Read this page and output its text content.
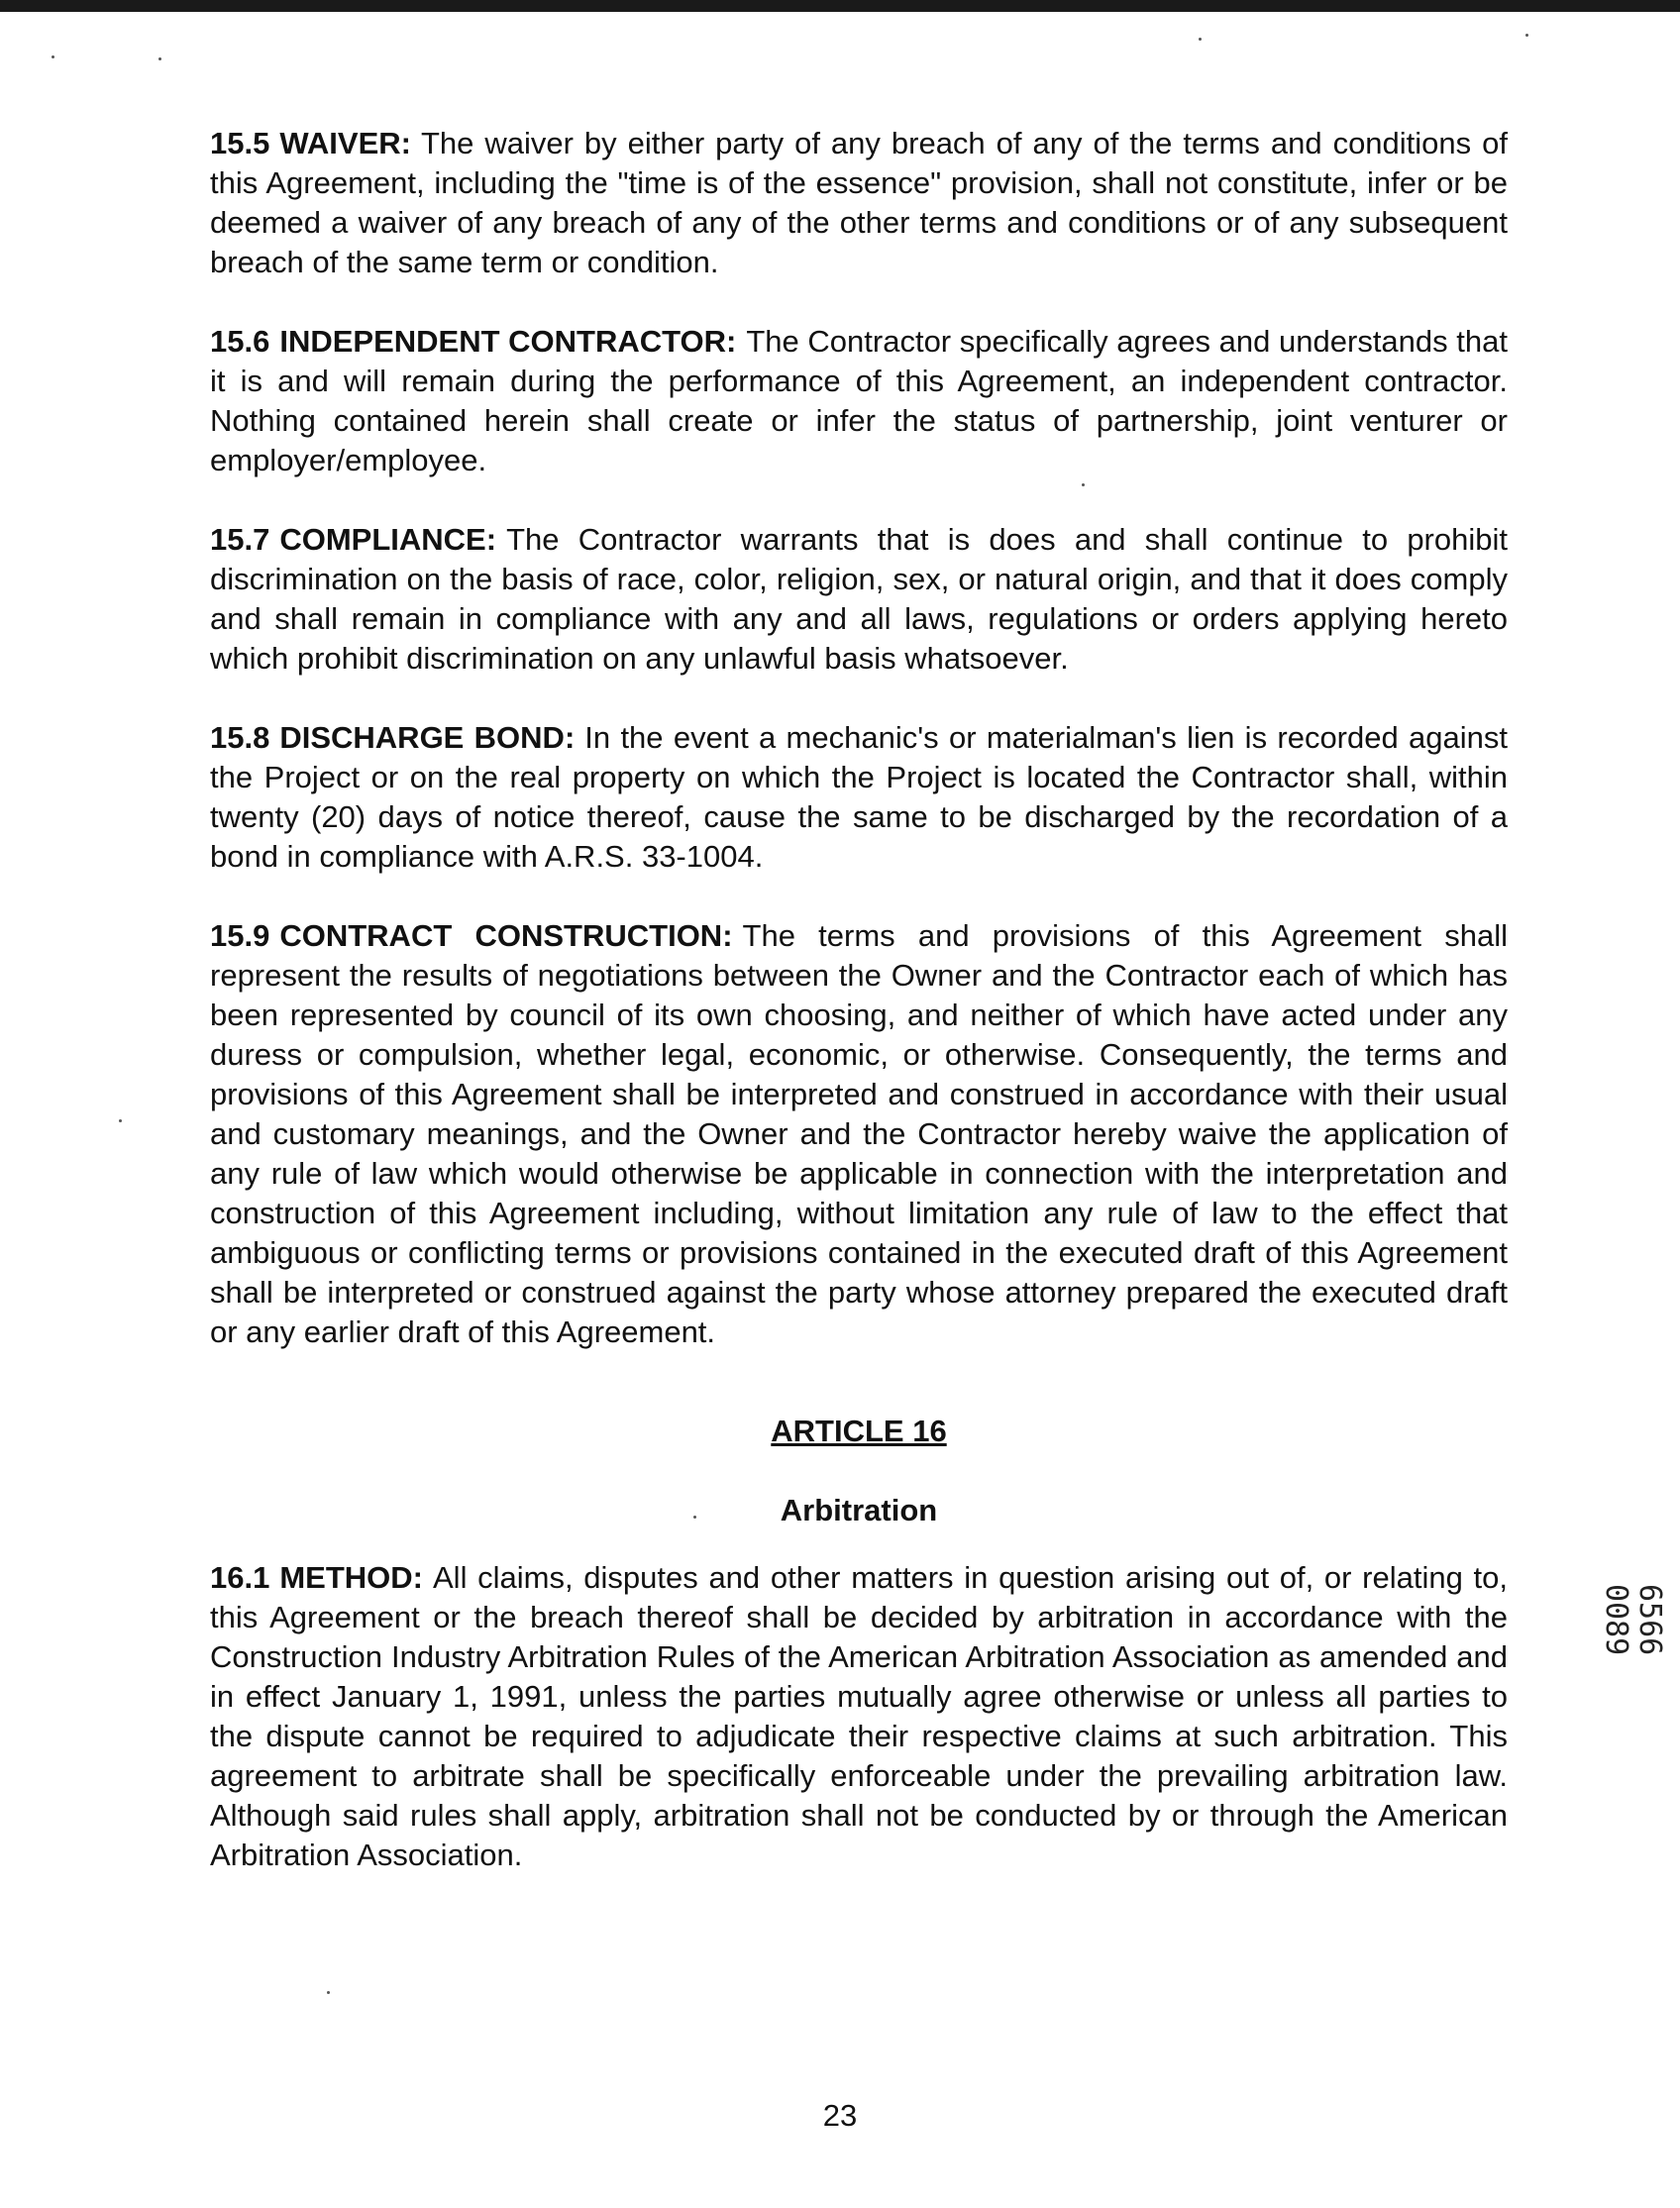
15.5 WAIVER: The waiver by either party of any breach of any of the terms and conditions of this Agreement, including the "time is of the essence" provision, shall not constitute, infer or be deemed a waiver of any breach of any of the other terms and conditions or of any subsequent breach of the same term or condition.

15.6 INDEPENDENT CONTRACTOR: The Contractor specifically agrees and understands that it is and will remain during the performance of this Agreement, an independent contractor. Nothing contained herein shall create or infer the status of partnership, joint venturer or employer/employee.

15.7 COMPLIANCE: The Contractor warrants that is does and shall continue to prohibit discrimination on the basis of race, color, religion, sex, or natural origin, and that it does comply and shall remain in compliance with any and all laws, regulations or orders applying hereto which prohibit discrimination on any unlawful basis whatsoever.

15.8 DISCHARGE BOND: In the event a mechanic's or materialman's lien is recorded against the Project or on the real property on which the Project is located the Contractor shall, within twenty (20) days of notice thereof, cause the same to be discharged by the recordation of a bond in compliance with A.R.S. 33-1004.

15.9 CONTRACT CONSTRUCTION: The terms and provisions of this Agreement shall represent the results of negotiations between the Owner and the Contractor each of which has been represented by council of its own choosing, and neither of which have acted under any duress or compulsion, whether legal, economic, or otherwise. Consequently, the terms and provisions of this Agreement shall be interpreted and construed in accordance with their usual and customary meanings, and the Owner and the Contractor hereby waive the application of any rule of law which would otherwise be applicable in connection with the interpretation and construction of this Agreement including, without limitation any rule of law to the effect that ambiguous or conflicting terms or provisions contained in the executed draft of this Agreement shall be interpreted or construed against the party whose attorney prepared the executed draft or any earlier draft of this Agreement.

ARTICLE 16
Arbitration

16.1 METHOD: All claims, disputes and other matters in question arising out of, or relating to, this Agreement or the breach thereof shall be decided by arbitration in accordance with the Construction Industry Arbitration Rules of the American Arbitration Association as amended and in effect January 1, 1991, unless the parties mutually agree otherwise or unless all parties to the dispute cannot be required to adjudicate their respective claims at such arbitration. This agreement to arbitrate shall be specifically enforceable under the prevailing arbitration law. Although said rules shall apply, arbitration shall not be conducted by or through the American Arbitration Association.

6566 0089
23
